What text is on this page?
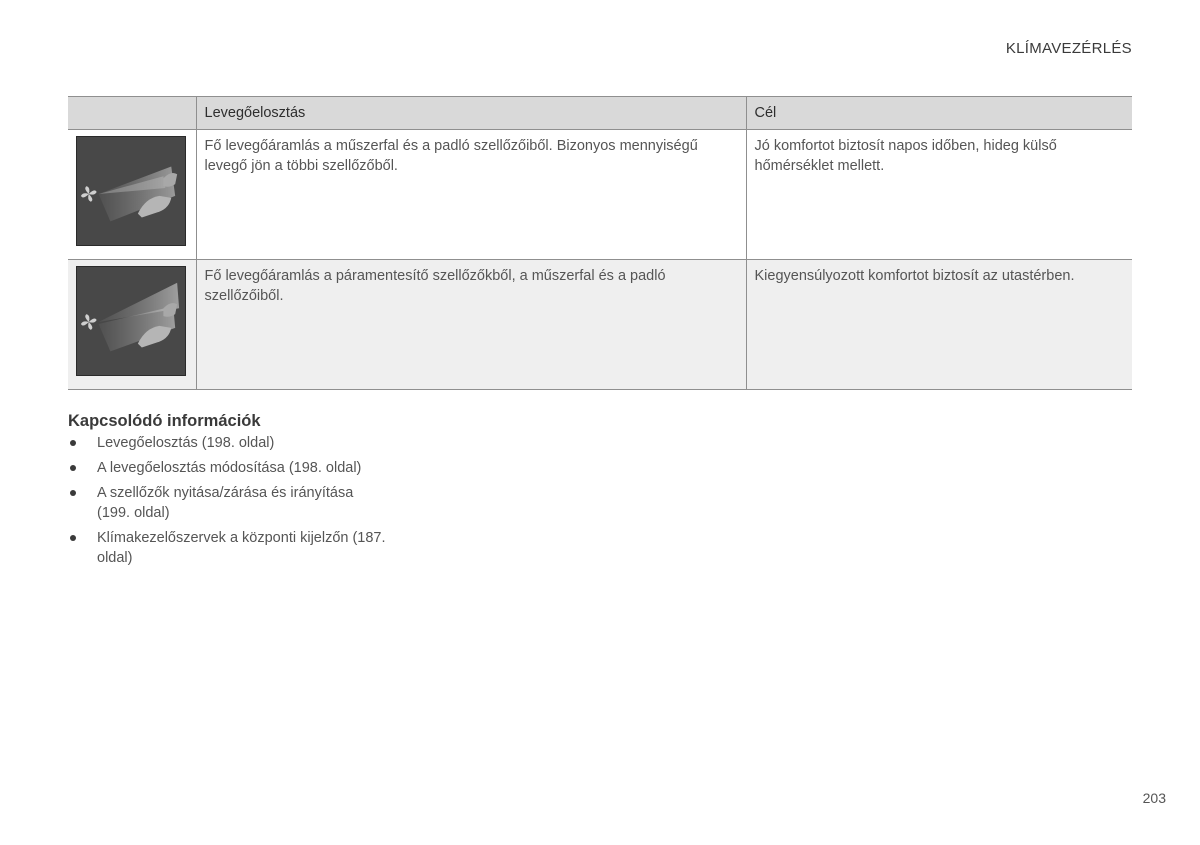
KLÍMAVEZÉRLÉS
	Levegőelosztás	Cél

	Fő levegőáramlás a műszerfal és a padló szellőzőiből. Bizonyos mennyiségű levegő jön a többi szellőzőből.	Jó komfortot biztosít napos időben, hideg külső hőmérséklet mellett.

	Fő levegőáramlás a páramentesítő szellőzőkből, a műszerfal és a padló szellőzőiből.	Kiegyensúlyozott komfortot biztosít az utastérben.
Kapcsolódó információk
Levegőelosztás (198. oldal)
A levegőelosztás módosítása (198. oldal)
A szellőzők nyitása/zárása és irányítása (199. oldal)
Klímakezelőszervek a központi kijelzőn (187. oldal)
203
